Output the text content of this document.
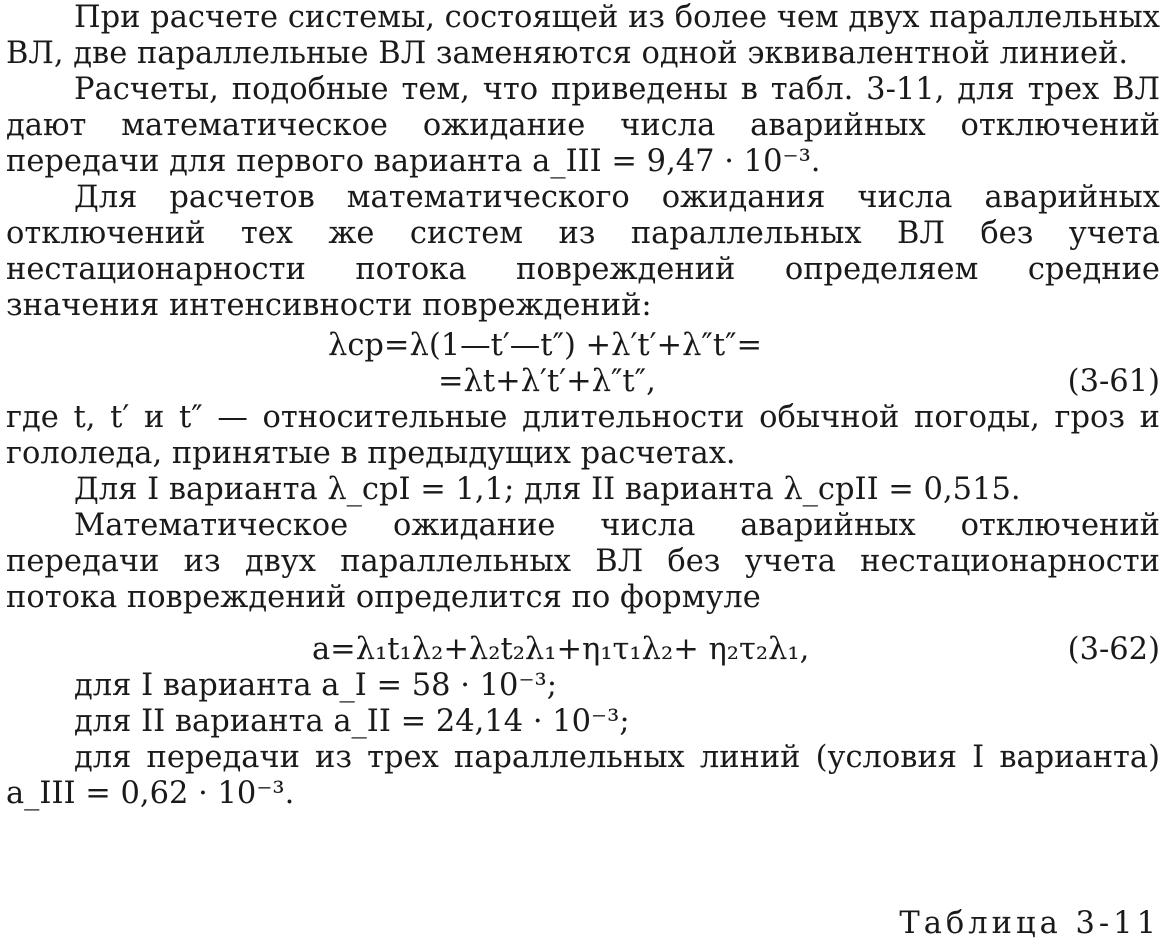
При расчете системы, состоящей из более чем двух параллельных ВЛ, две параллельные ВЛ заменяются одной эквивалентной линией.

Расчеты, подобные тем, что приведены в табл. 3-11, для трех ВЛ дают математическое ожидание числа аварийных отключений передачи для первого варианта a_III = 9,47 · 10⁻³.

Для расчетов математического ожидания числа аварийных отключений тех же систем из параллельных ВЛ без учета нестационарности потока повреждений определяем средние значения интенсивности повреждений:

λср=λ(1—t′—t″) +λ′t′+λ″t″=
=λt+λ′t′+λ″t″,	(3-61)

где t, t′ и t″ — относительные длительности обычной погоды, гроз и гололеда, принятые в предыдущих расчетах.

Для I варианта λ_срI = 1,1; для II варианта λ_срII = 0,515.

Математическое ожидание числа аварийных отключений передачи из двух параллельных ВЛ без учета нестационарности потока повреждений определится по формуле

a=λ₁t₁λ₂+λ₂t₂λ₁+η₁τ₁λ₂+ η₂τ₂λ₁,	(3-62)

для I варианта a_I = 58 · 10⁻³;

для II варианта a_II = 24,14 · 10⁻³;

для передачи из трех параллельных линий (условия I варианта) a_III = 0,62 · 10⁻³.

Таблица 3-11
